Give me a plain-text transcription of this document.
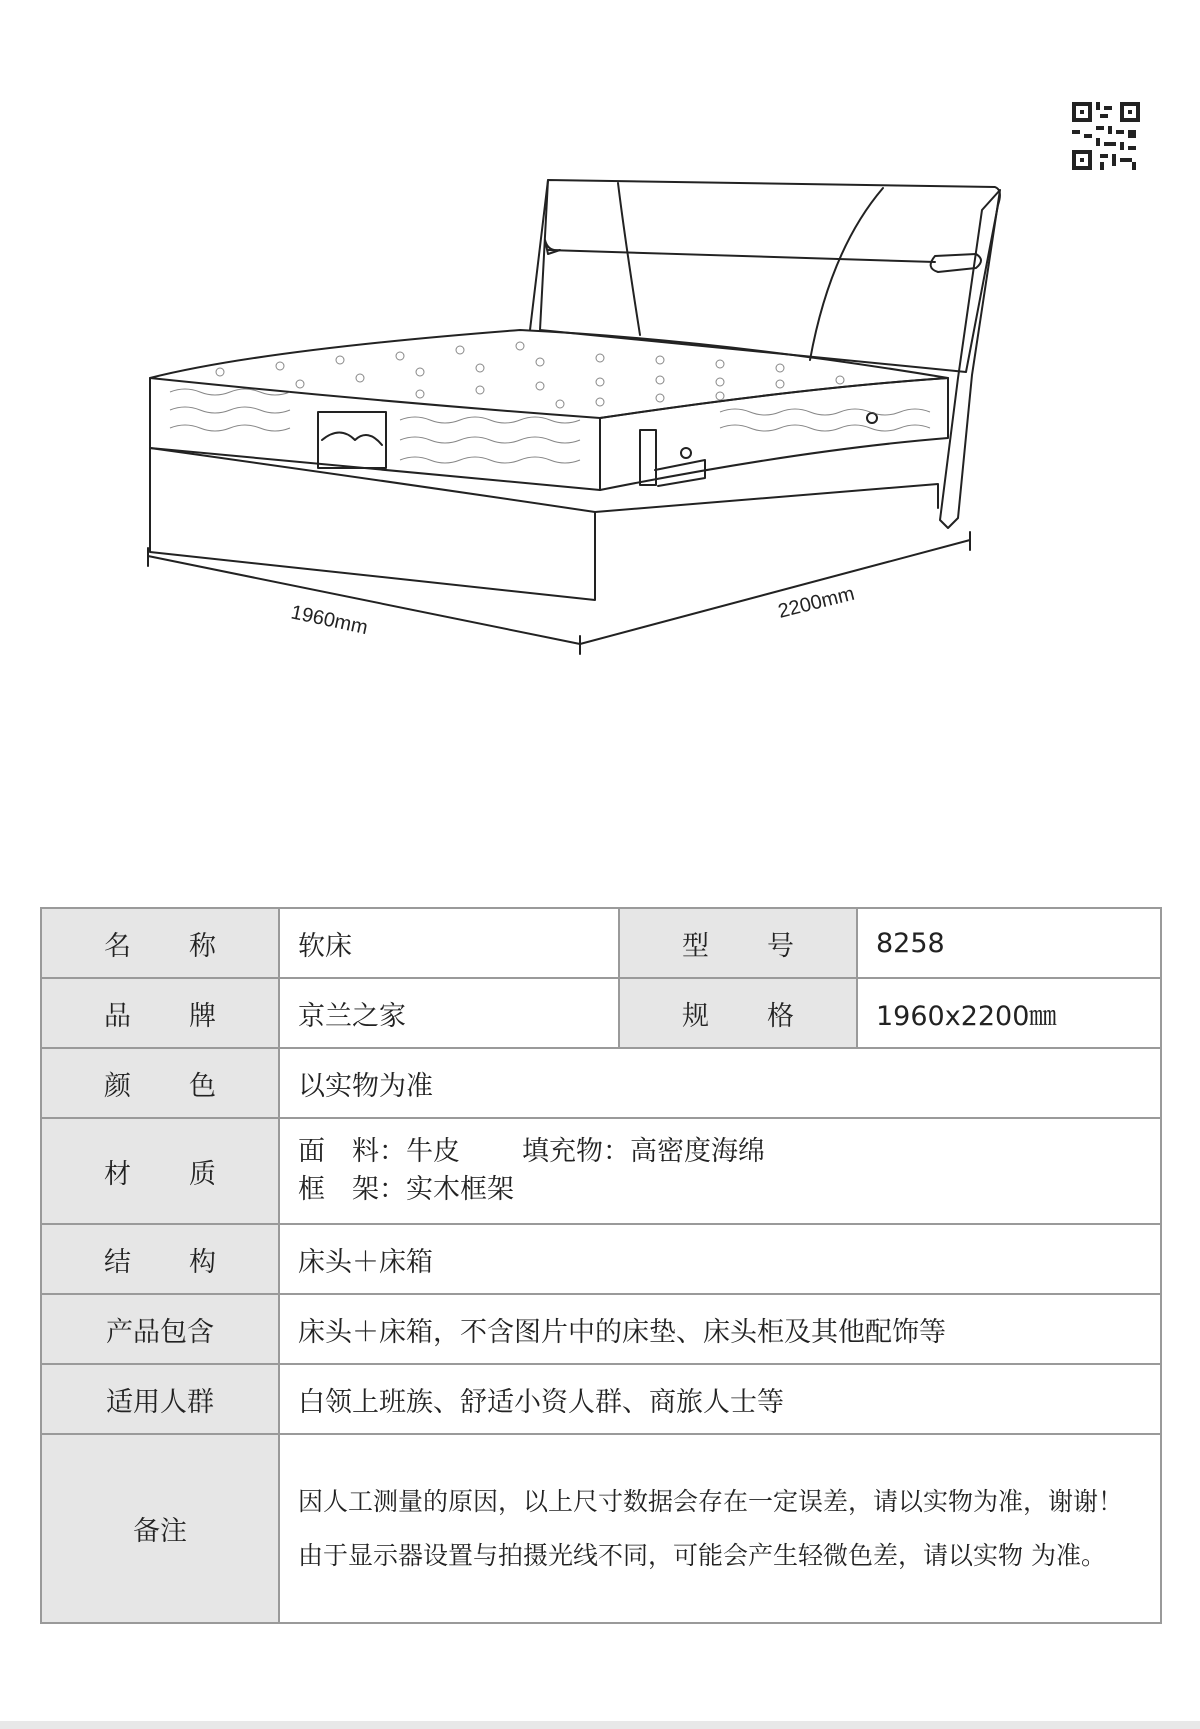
1960mm	2200mm
名称	软床	型号	8258
品牌	京兰之家	规格	1960x2200㎜
颜色	以实物为准		
材质	面　料：牛皮 填充物：高密度海绵
框　架：实木框架		

结构	床头＋床箱		
产品包含	床头＋床箱，不含图片中的床垫、床头柜及其他配饰等		
适用人群	白领上班族、舒适小资人群、商旅人士等		
备注	因人工测量的原因，以上尺寸数据会存在一定误差，请以实物为准，谢谢！
由于显示器设置与拍摄光线不同，可能会产生轻微色差，请以实物 为准。		
